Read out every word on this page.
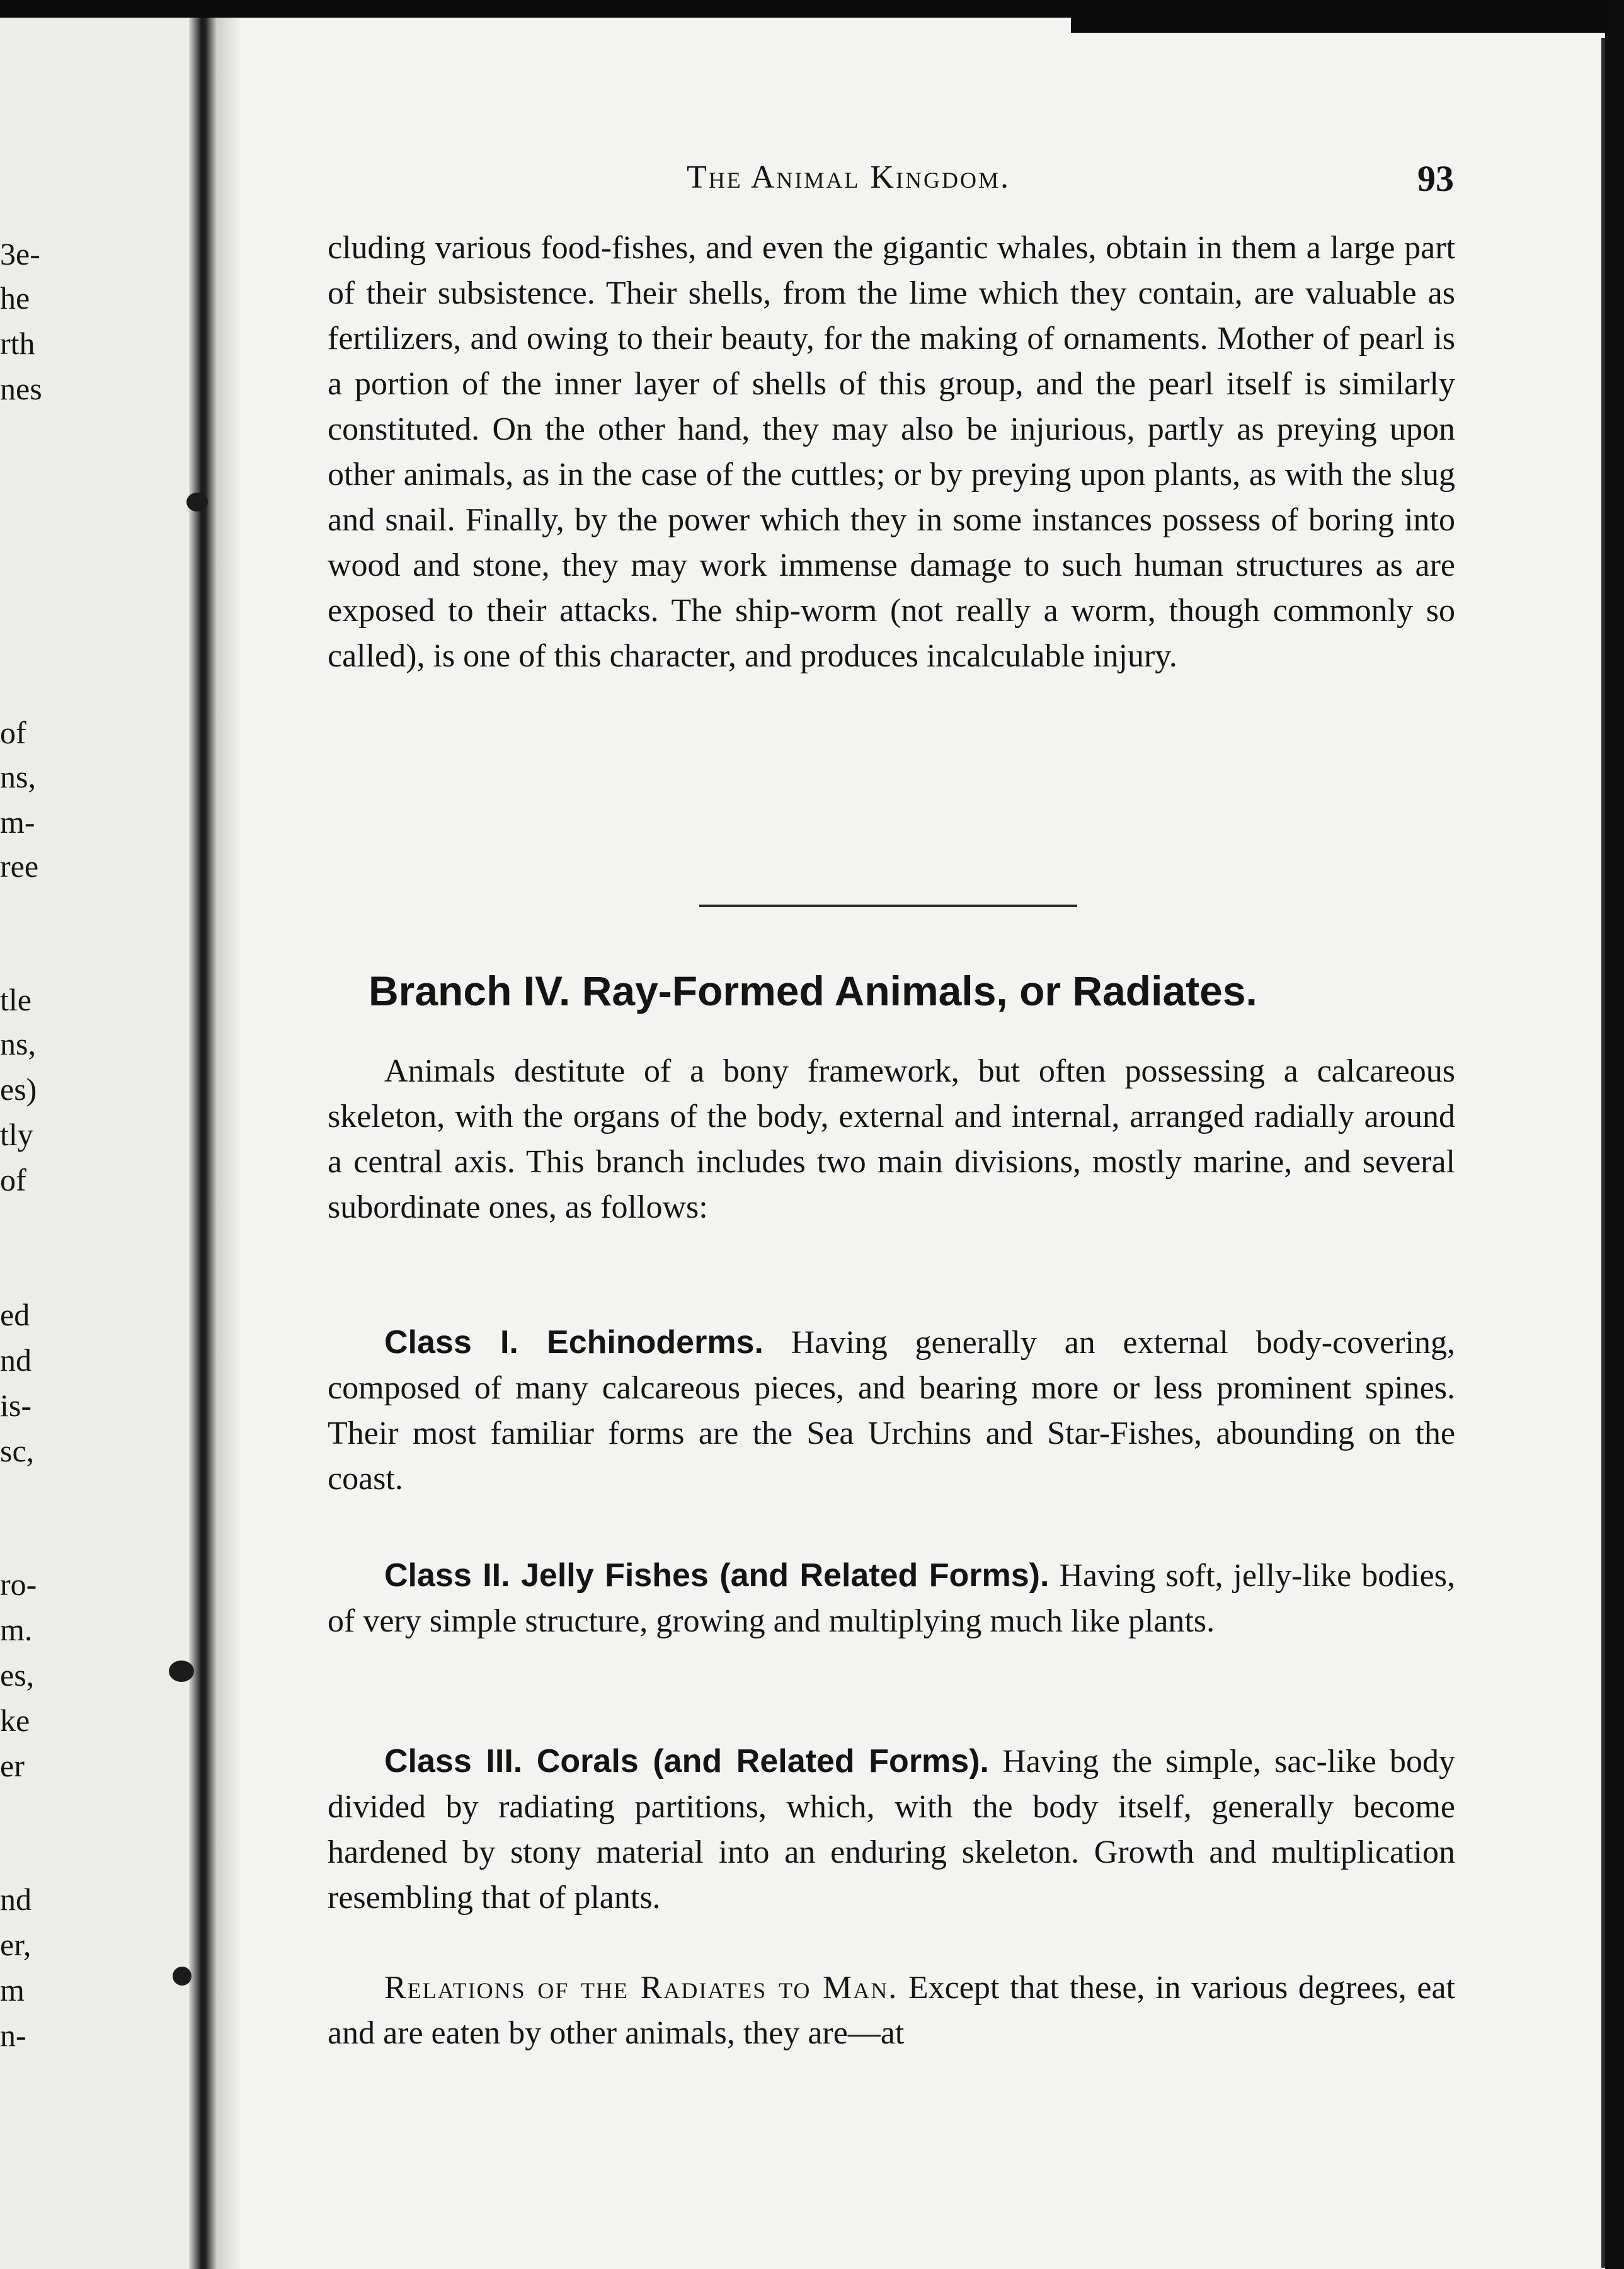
3e-
he
rth
nes
of
ns,
m-
ree
tle
ns,
es)
tly
of
ed
nd
is-
sc,
ro-
m.
es,
ke
er
nd
er,
m
n-
The Animal Kingdom.	93

cluding various food-fishes, and even the gigantic whales, obtain in them a large part of their subsistence. Their shells, from the lime which they contain, are valuable as fertilizers, and owing to their beauty, for the making of ornaments. Mother of pearl is a portion of the inner layer of shells of this group, and the pearl itself is similarly constituted. On the other hand, they may also be injurious, partly as preying upon other animals, as in the case of the cuttles; or by preying upon plants, as with the slug and snail. Finally, by the power which they in some instances possess of boring into wood and stone, they may work immense damage to such human structures as are exposed to their attacks. The ship-worm (not really a worm, though commonly so called), is one of this character, and produces incalculable injury.

Branch IV. Ray-Formed Animals, or Radiates.

Animals destitute of a bony framework, but often possessing a calcareous skeleton, with the organs of the body, external and internal, arranged radially around a central axis. This branch includes two main divisions, mostly marine, and several subordinate ones, as follows:

Class I. Echinoderms. Having generally an external body-covering, composed of many calcareous pieces, and bearing more or less prominent spines. Their most familiar forms are the Sea Urchins and Star-Fishes, abounding on the coast.

Class II. Jelly Fishes (and Related Forms). Having soft, jelly-like bodies, of very simple structure, growing and multiplying much like plants.

Class III. Corals (and Related Forms). Having the simple, sac-like body divided by radiating partitions, which, with the body itself, generally become hardened by stony material into an enduring skeleton. Growth and multiplication resembling that of plants.

Relations of the Radiates to Man. Except that these, in various degrees, eat and are eaten by other animals, they are—at
